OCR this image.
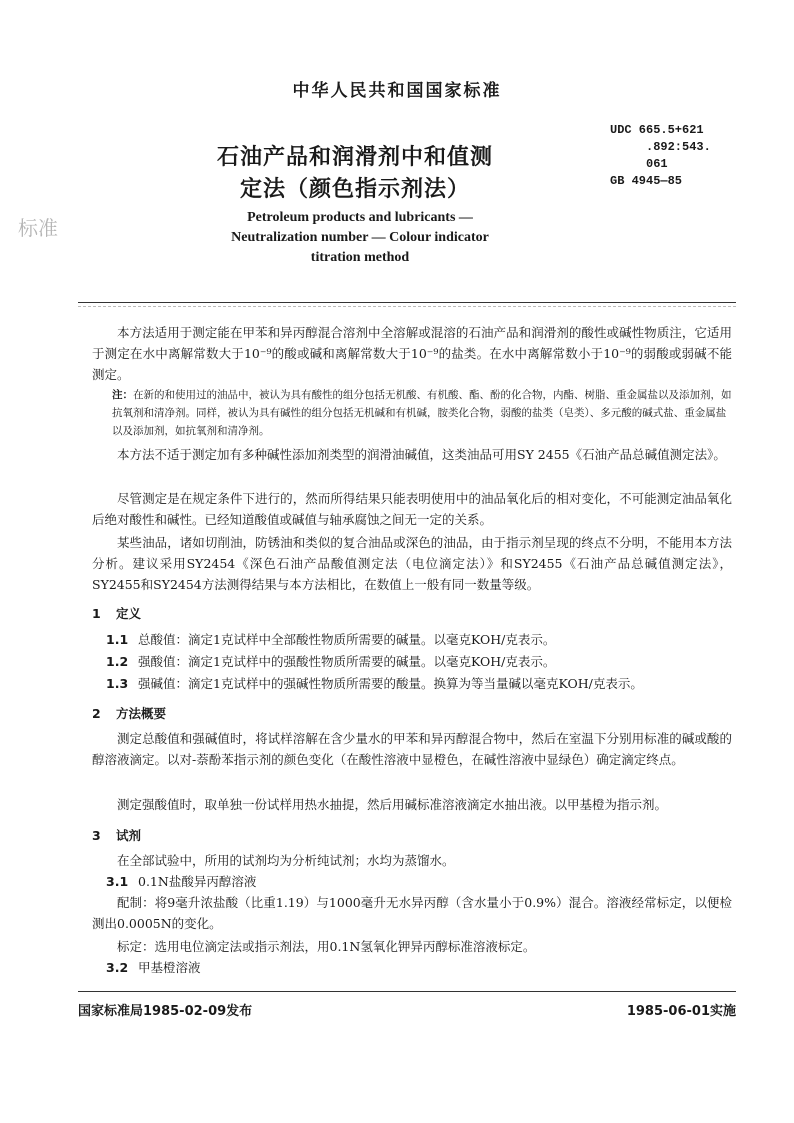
中华人民共和国国家标准
石油产品和润滑剂中和值测
定法（颜色指示剂法）
Petroleum products and lubricants —
Neutralization number — Colour indicator
titration method
UDC 665.5+621
.892:543.
061
GB 4945—85
标准
本方法适用于测定能在甲苯和异丙醇混合溶剂中全溶解或混溶的石油产品和润滑剂的酸性或碱性物质注，它适用于测定在水中离解常数大于10⁻⁹的酸或碱和离解常数大于10⁻⁹的盐类。在水中离解常数小于10⁻⁹的弱酸或弱碱不能测定。
注：在新的和使用过的油品中，被认为具有酸性的组分包括无机酸、有机酸、酯、酚的化合物，内酯、树脂、重金属盐以及添加剂，如抗氧剂和清净剂。同样，被认为具有碱性的组分包括无机碱和有机碱，胺类化合物，弱酸的盐类（皂类）、多元酸的碱式盐、重金属盐以及添加剂，如抗氧剂和清净剂。
本方法不适于测定加有多种碱性添加剂类型的润滑油碱值，这类油品可用SY 2455《石油产品总碱值测定法》。
尽管测定是在规定条件下进行的，然而所得结果只能表明使用中的油品氧化后的相对变化，不可能测定油品氧化后绝对酸性和碱性。已经知道酸值或碱值与轴承腐蚀之间无一定的关系。
某些油品，诸如切削油，防锈油和类似的复合油品或深色的油品，由于指示剂呈现的终点不分明，不能用本方法分析。建议采用SY2454《深色石油产品酸值测定法（电位滴定法）》和SY2455《石油产品总碱值测定法》，SY2455和SY2454方法测得结果与本方法相比，在数值上一般有同一数量等级。
1 定义
1.1 总酸值：滴定1克试样中全部酸性物质所需要的碱量。以毫克KOH/克表示。
1.2 强酸值：滴定1克试样中的强酸性物质所需要的碱量。以毫克KOH/克表示。
1.3 强碱值：滴定1克试样中的强碱性物质所需要的酸量。换算为等当量碱以毫克KOH/克表示。
2 方法概要
测定总酸值和强碱值时，将试样溶解在含少量水的甲苯和异丙醇混合物中，然后在室温下分别用标准的碱或酸的醇溶液滴定。以对-萘酚苯指示剂的颜色变化（在酸性溶液中显橙色，在碱性溶液中显绿色）确定滴定终点。
测定强酸值时，取单独一份试样用热水抽提，然后用碱标准溶液滴定水抽出液。以甲基橙为指示剂。
3 试剂
在全部试验中，所用的试剂均为分析纯试剂；水均为蒸馏水。
3.1 0.1N盐酸异丙醇溶液
配制：将9毫升浓盐酸（比重1.19）与1000毫升无水异丙醇（含水量小于0.9%）混合。溶液经常标定，以便检测出0.0005N的变化。
标定：选用电位滴定法或指示剂法，用0.1N氢氧化钾异丙醇标准溶液标定。
3.2 甲基橙溶液
国家标准局1985-02-09发布	1985-06-01实施
